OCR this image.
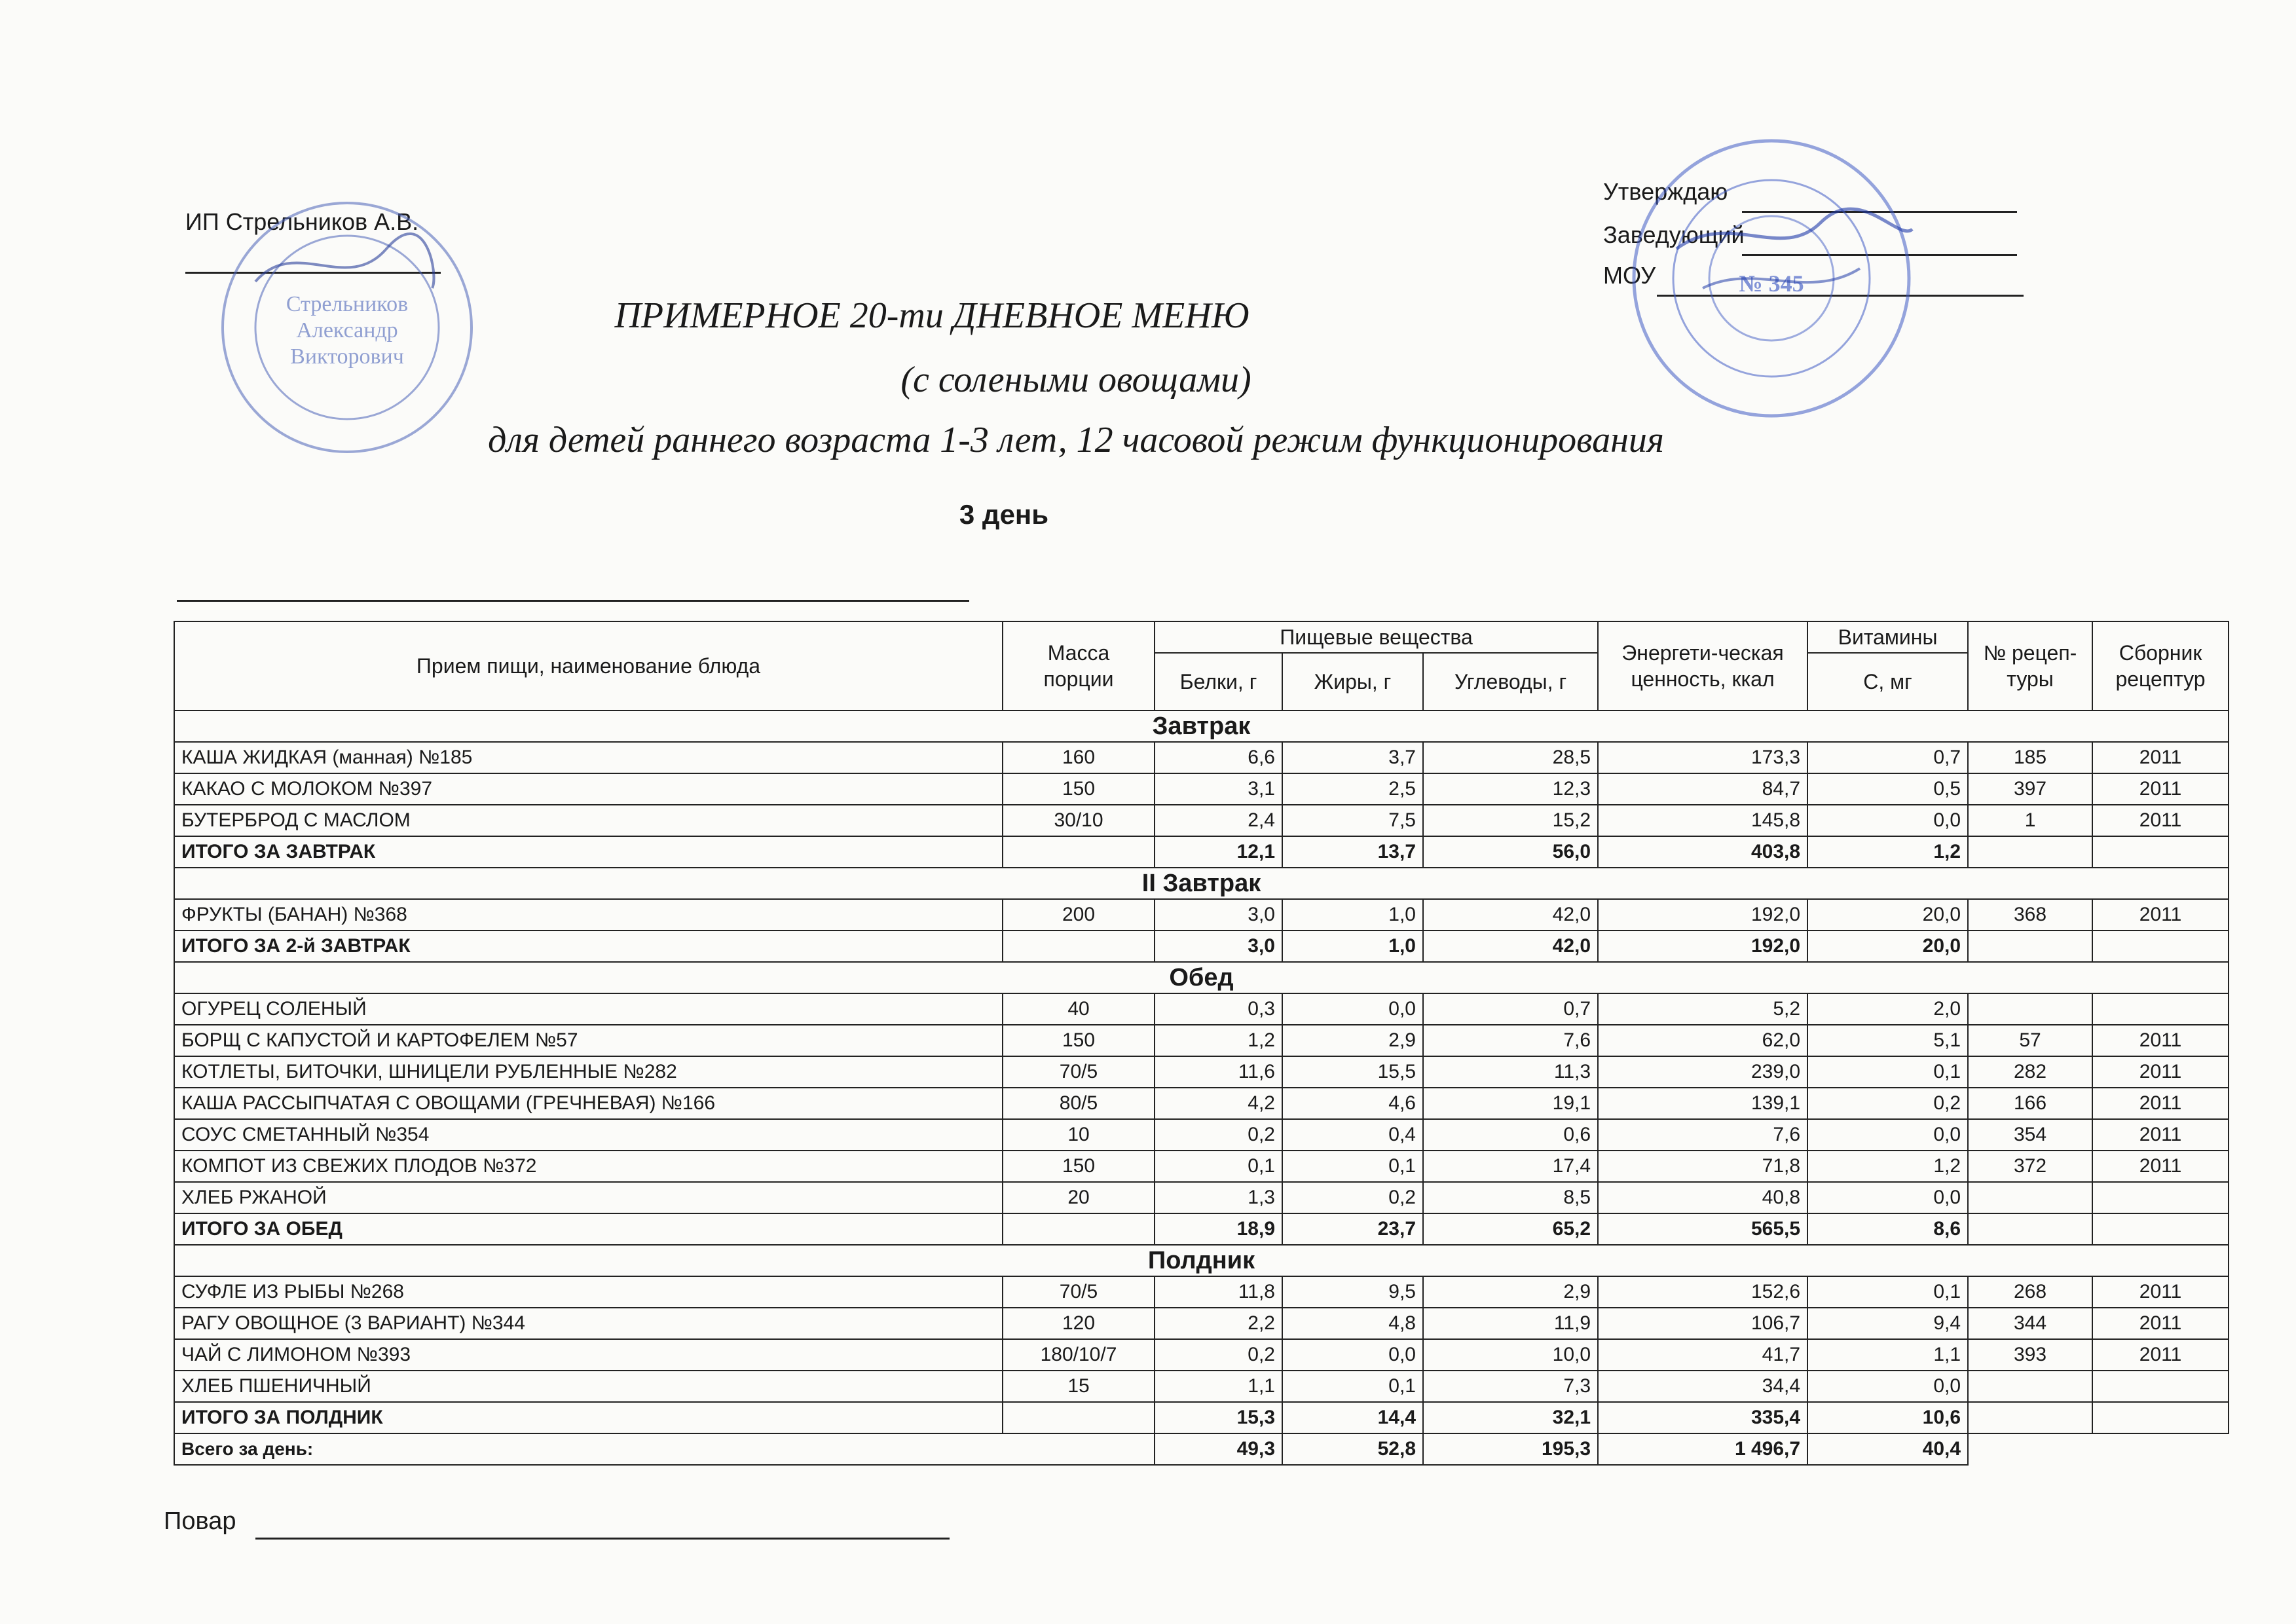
ИП Стрельников А.В.
Утверждаю
Заведующий
МОУ
Стрельников
Александр
Викторович
№ 345
ПРИМЕРНОЕ 20-ти ДНЕВНОЕ МЕНЮ
(с солеными овощами)
для детей раннего возраста 1-3 лет, 12 часовой режим функционирования
3 день
Прием пищи, наименование блюда	Масса порции	Пищевые вещества			Энергети-ческая ценность, ккал	Витамины	№ рецеп-туры	Сборник рецептур
		Белки, г	Жиры, г	Углеводы, г		С, мг		
Завтрак								
КАША ЖИДКАЯ (манная) №185	160	6,6	3,7	28,5	173,3	0,7	185	2011
КАКАО С МОЛОКОМ №397	150	3,1	2,5	12,3	84,7	0,5	397	2011
БУТЕРБРОД С МАСЛОМ	30/10	2,4	7,5	15,2	145,8	0,0	1	2011
ИТОГО ЗА ЗАВТРАК		12,1	13,7	56,0	403,8	1,2		
II Завтрак								
ФРУКТЫ (БАНАН) №368	200	3,0	1,0	42,0	192,0	20,0	368	2011
ИТОГО ЗА 2-й ЗАВТРАК		3,0	1,0	42,0	192,0	20,0		
Обед								
ОГУРЕЦ СОЛЕНЫЙ	40	0,3	0,0	0,7	5,2	2,0		
БОРЩ С КАПУСТОЙ И КАРТОФЕЛЕМ №57	150	1,2	2,9	7,6	62,0	5,1	57	2011
КОТЛЕТЫ, БИТОЧКИ, ШНИЦЕЛИ РУБЛЕННЫЕ №282	70/5	11,6	15,5	11,3	239,0	0,1	282	2011
КАША РАССЫПЧАТАЯ С ОВОЩАМИ (ГРЕЧНЕВАЯ) №166	80/5	4,2	4,6	19,1	139,1	0,2	166	2011
СОУС СМЕТАННЫЙ №354	10	0,2	0,4	0,6	7,6	0,0	354	2011
КОМПОТ ИЗ СВЕЖИХ ПЛОДОВ №372	150	0,1	0,1	17,4	71,8	1,2	372	2011
ХЛЕБ РЖАНОЙ	20	1,3	0,2	8,5	40,8	0,0		
ИТОГО ЗА ОБЕД		18,9	23,7	65,2	565,5	8,6		
Полдник								
СУФЛЕ ИЗ РЫБЫ №268	70/5	11,8	9,5	2,9	152,6	0,1	268	2011
РАГУ ОВОЩНОЕ (3 ВАРИАНТ) №344	120	2,2	4,8	11,9	106,7	9,4	344	2011
ЧАЙ С ЛИМОНОМ №393	180/10/7	0,2	0,0	10,0	41,7	1,1	393	2011
ХЛЕБ ПШЕНИЧНЫЙ	15	1,1	0,1	7,3	34,4	0,0		
ИТОГО ЗА ПОЛДНИК		15,3	14,4	32,1	335,4	10,6		
Всего за день:		49,3	52,8	195,3	1 496,7	40,4		
Повар
